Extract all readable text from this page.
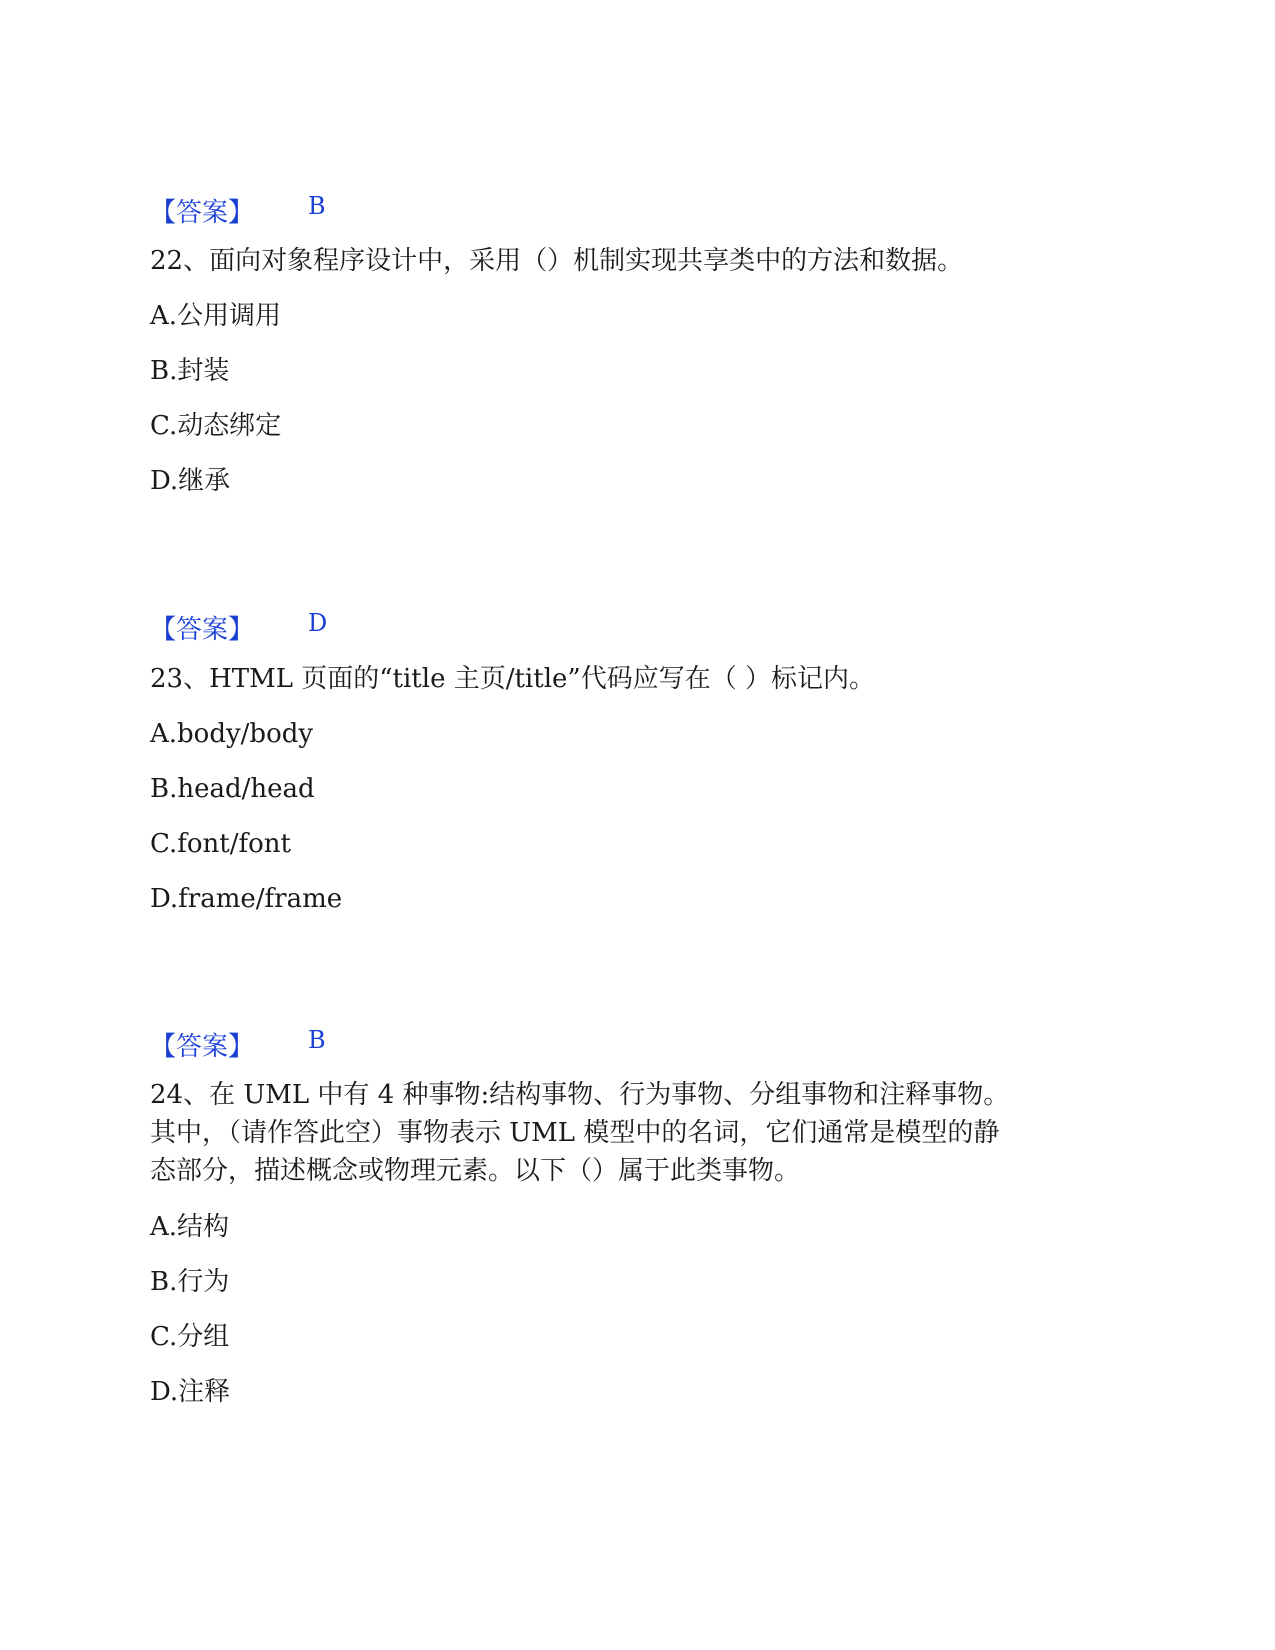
【答案】 B
22、面向对象程序设计中，采用（）机制实现共享类中的方法和数据。
A.公用调用
B.封装
C.动态绑定
D.继承
【答案】 D
23、HTML 页面的“title 主页/title”代码应写在（ ）标记内。
A.body/body
B.head/head
C.font/font
D.frame/frame
【答案】 B
24、在 UML 中有 4 种事物:结构事物、行为事物、分组事物和注释事物。
其中，（请作答此空）事物表示 UML 模型中的名词，它们通常是模型的静
态部分，描述概念或物理元素。以下（）属于此类事物。
A.结构
B.行为
C.分组
D.注释
